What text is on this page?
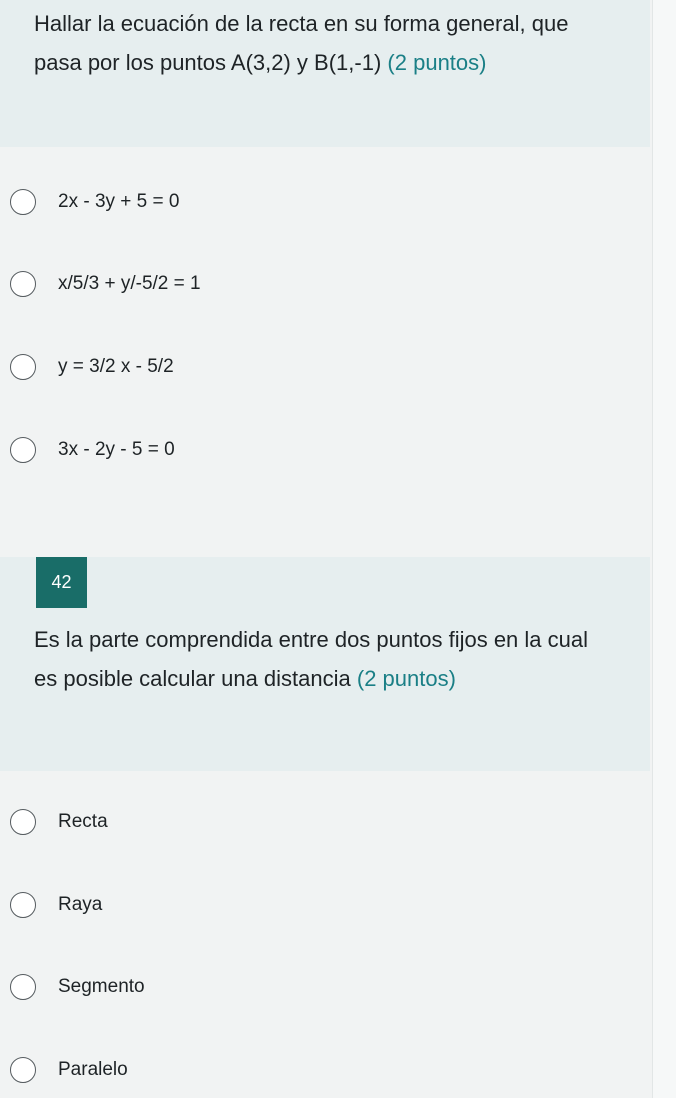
Hallar la ecuación de la recta en su forma general, que pasa por los puntos A(3,2) y B(1,-1) (2 puntos)

2x - 3y + 5 = 0
x/5/3 + y/-5/2 = 1
y = 3/2 x - 5/2
3x - 2y - 5 = 0
42

Es la parte comprendida entre dos puntos fijos en la cual es posible calcular una distancia (2 puntos)

Recta
Raya
Segmento
Paralelo
